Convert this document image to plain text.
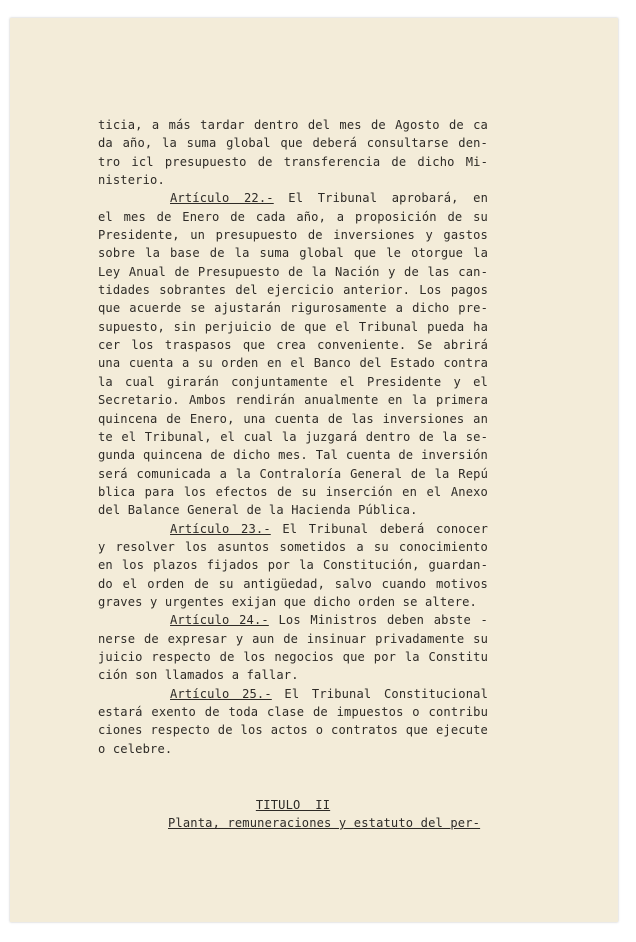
ticia, a más tardar dentro del mes de Agosto de ca
da año, la suma global que deberá consultarse den-
tro icl presupuesto de transferencia de dicho Mi-
nisterio.
Artículo 22.- El Tribunal aprobará, en
el mes de Enero de cada año, a proposición de su
Presidente, un presupuesto de inversiones y gastos
sobre la base de la suma global que le otorgue la
Ley Anual de Presupuesto de la Nación y de las can-
tidades sobrantes del ejercicio anterior. Los pagos
que acuerde se ajustarán rigurosamente a dicho pre-
supuesto, sin perjuicio de que el Tribunal pueda ha
cer los traspasos que crea conveniente. Se abrirá
una cuenta a su orden en el Banco del Estado contra
la cual girarán conjuntamente el Presidente y el
Secretario. Ambos rendirán anualmente en la primera
quincena de Enero, una cuenta de las inversiones an
te el Tribunal, el cual la juzgará dentro de la se-
gunda quincena de dicho mes. Tal cuenta de inversión
será comunicada a la Contraloría General de la Repú
blica para los efectos de su inserción en el Anexo
del Balance General de la Hacienda Pública.
Artículo 23.- El Tribunal deberá conocer
y resolver los asuntos sometidos a su conocimiento
en los plazos fijados por la Constitución, guardan-
do el orden de su antigüedad, salvo cuando motivos
graves y urgentes exijan que dicho orden se altere.
Artículo 24.- Los Ministros deben abste -
nerse de expresar y aun de insinuar privadamente su
juicio respecto de los negocios que por la Constitu
ción son llamados a fallar.
Artículo 25.- El Tribunal Constitucional
estará exento de toda clase de impuestos o contribu
ciones respecto de los actos o contratos que ejecute
o celebre.
TITULO  II
Planta, remuneraciones y estatuto del per-
